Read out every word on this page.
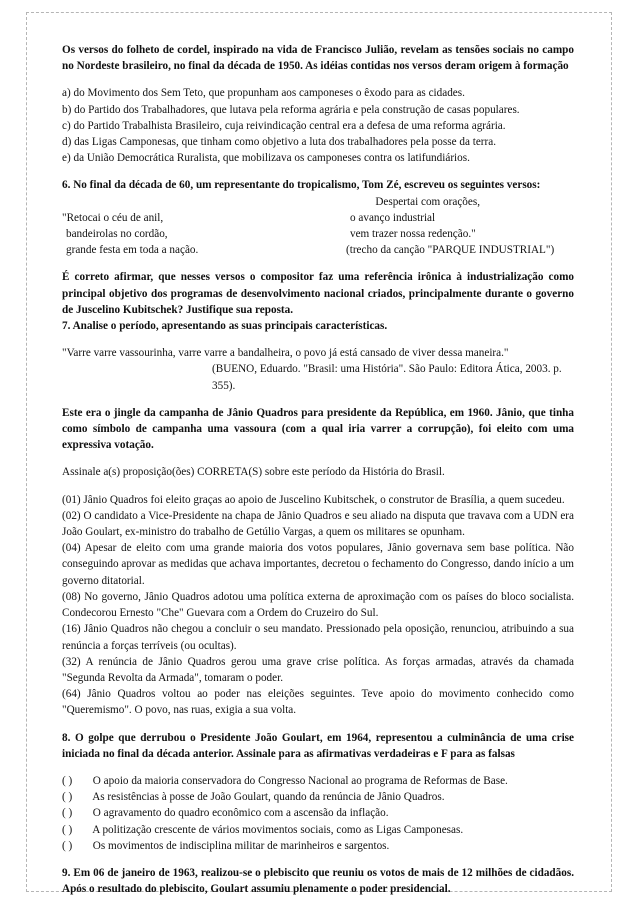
Os versos do folheto de cordel, inspirado na vida de Francisco Julião, revelam as tensões sociais no campo no Nordeste brasileiro, no final da década de 1950. As idéias contidas nos versos deram origem à formação

a) do Movimento dos Sem Teto, que propunham aos camponeses o êxodo para as cidades.

b) do Partido dos Trabalhadores, que lutava pela reforma agrária e pela construção de casas populares.

c) do Partido Trabalhista Brasileiro, cuja reivindicação central era a defesa de uma reforma agrária.

d) das Ligas Camponesas, que tinham como objetivo a luta dos trabalhadores pela posse da terra.

e) da União Democrática Ruralista, que mobilizava os camponeses contra os latifundiários.

6. No final da década de 60, um representante do tropicalismo, Tom Zé, escreveu os seguintes versos:

Despertai com orações,

"Retocai o céu de anil,

bandeirolas no cordão,

grande festa em toda a nação.

o avanço industrial

vem trazer nossa redenção."

(trecho da canção "PARQUE INDUSTRIAL")

É correto afirmar, que nesses versos o compositor faz uma referência irônica à industrialização como principal objetivo dos programas de desenvolvimento nacional criados, principalmente durante o governo de Juscelino Kubitschek? Justifique sua reposta.

7. Analise o período, apresentando as suas principais características.

"Varre varre vassourinha, varre varre a bandalheira, o povo já está cansado de viver dessa maneira."

(BUENO, Eduardo. "Brasil: uma História". São Paulo: Editora Ática, 2003. p. 355).

Este era o jingle da campanha de Jânio Quadros para presidente da República, em 1960. Jânio, que tinha como símbolo de campanha uma vassoura (com a qual iria varrer a corrupção), foi eleito com uma expressiva votação.

Assinale a(s) proposição(ões) CORRETA(S) sobre este período da História do Brasil.

(01) Jânio Quadros foi eleito graças ao apoio de Juscelino Kubitschek, o construtor de Brasília, a quem sucedeu.

(02) O candidato a Vice-Presidente na chapa de Jânio Quadros e seu aliado na disputa que travava com a UDN era João Goulart, ex-ministro do trabalho de Getúlio Vargas, a quem os militares se opunham.

(04) Apesar de eleito com uma grande maioria dos votos populares, Jânio governava sem base política. Não conseguindo aprovar as medidas que achava importantes, decretou o fechamento do Congresso, dando início a um governo ditatorial.

(08) No governo, Jânio Quadros adotou uma política externa de aproximação com os países do bloco socialista. Condecorou Ernesto "Che" Guevara com a Ordem do Cruzeiro do Sul.

(16) Jânio Quadros não chegou a concluir o seu mandato. Pressionado pela oposição, renunciou, atribuindo a sua renúncia a forças terríveis (ou ocultas).

(32) A renúncia de Jânio Quadros gerou uma grave crise política. As forças armadas, através da chamada "Segunda Revolta da Armada", tomaram o poder.

(64) Jânio Quadros voltou ao poder nas eleições seguintes. Teve apoio do movimento conhecido como "Queremismo". O povo, nas ruas, exigia a sua volta.

8. O golpe que derrubou o Presidente João Goulart, em 1964, representou a culminância de uma crise iniciada no final da década anterior. Assinale para as afirmativas verdadeiras e F para as falsas

( ) O apoio da maioria conservadora do Congresso Nacional ao programa de Reformas de Base.

( ) As resistências à posse de João Goulart, quando da renúncia de Jânio Quadros.

( ) O agravamento do quadro econômico com a ascensão da inflação.

( ) A politização crescente de vários movimentos sociais, como as Ligas Camponesas.

( ) Os movimentos de indisciplina militar de marinheiros e sargentos.

9. Em 06 de janeiro de 1963, realizou-se o plebiscito que reuniu os votos de mais de 12 milhões de cidadãos. Após o resultado do plebiscito, Goulart assumiu plenamente o poder presidencial.
